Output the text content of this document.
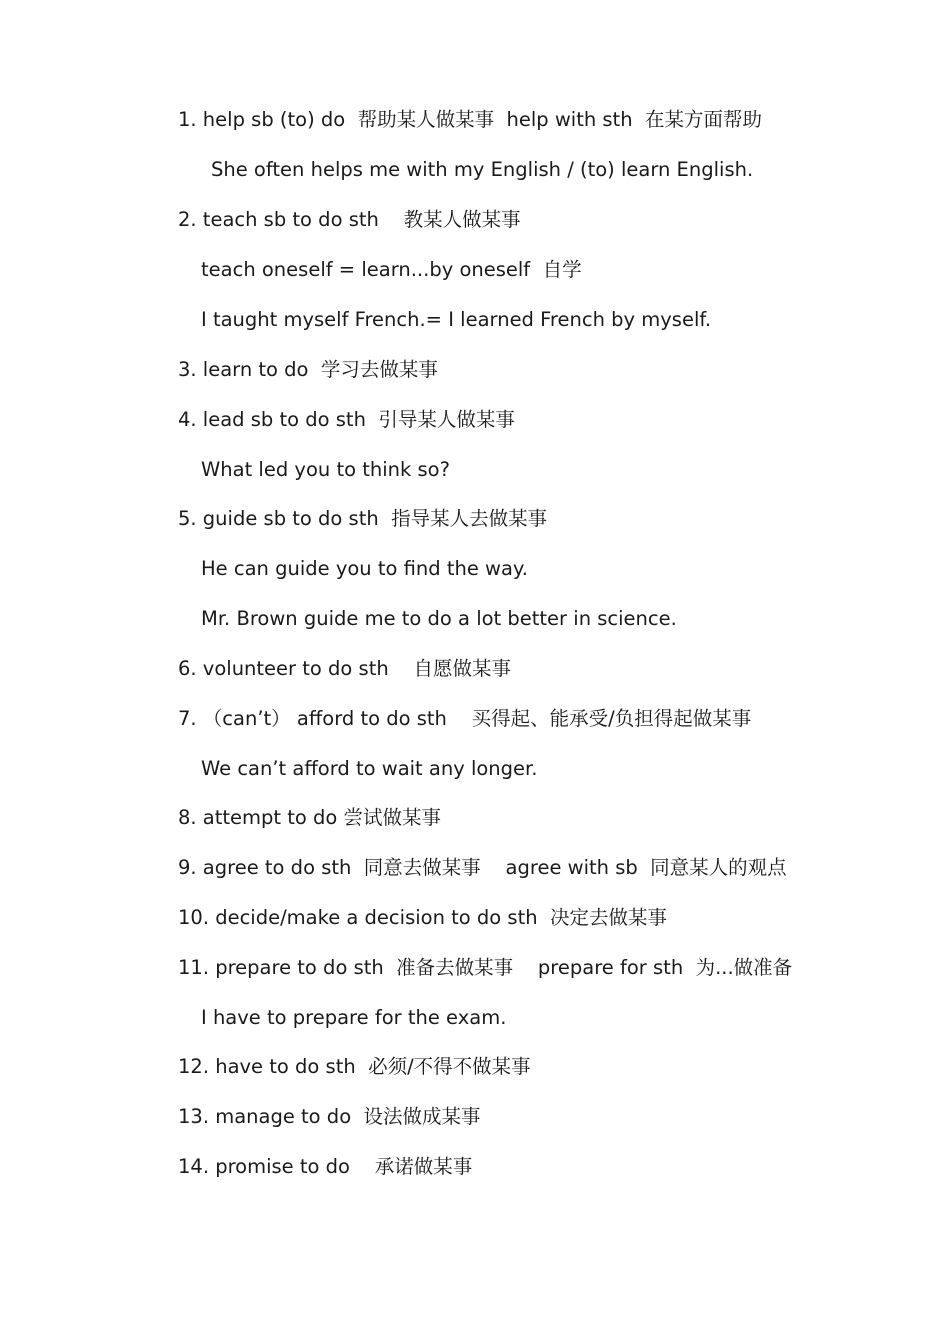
1. help sb (to) do  帮助某人做某事  help with sth  在某方面帮助
She often helps me with my English / (to) learn English.
2. teach sb to do sth    教某人做某事
teach oneself = learn...by oneself  自学
I taught myself French.= I learned French by myself.
3. learn to do  学习去做某事
4. lead sb to do sth  引导某人做某事
What led you to think so?
5. guide sb to do sth  指导某人去做某事
He can guide you to find the way.
Mr. Brown guide me to do a lot better in science.
6. volunteer to do sth    自愿做某事
7. （can’t） afford to do sth    买得起、能承受/负担得起做某事
We can’t afford to wait any longer.
8. attempt to do 尝试做某事
9. agree to do sth  同意去做某事    agree with sb  同意某人的观点
10. decide/make a decision to do sth  决定去做某事
11. prepare to do sth  准备去做某事    prepare for sth  为...做准备
I have to prepare for the exam.
12. have to do sth  必须/不得不做某事
13. manage to do  设法做成某事
14. promise to do    承诺做某事
